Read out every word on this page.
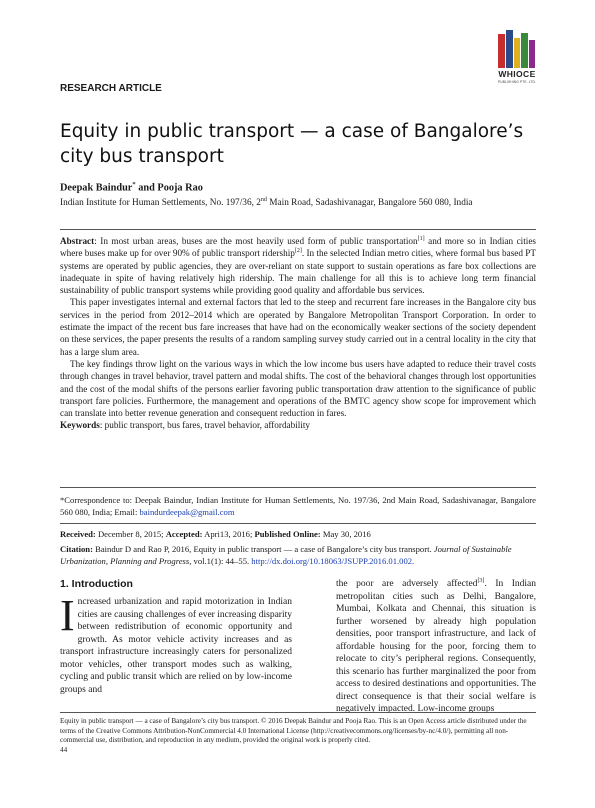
WHIOCE
PUBLISHING PTE. LTD.
RESEARCH ARTICLE
Equity in public transport — a case of Bangalore’s city bus transport
Deepak Baindur* and Pooja Rao
Indian Institute for Human Settlements, No. 197/36, 2nd Main Road, Sadashivanagar, Bangalore 560 080, India

Abstract: In most urban areas, buses are the most heavily used form of public transportation[1] and more so in Indian cities where buses make up for over 90% of public transport ridership[2]. In the selected Indian metro cities, where formal bus based PT systems are operated by public agencies, they are over-reliant on state support to sustain operations as fare box collections are inadequate in spite of having relatively high ridership. The main challenge for all this is to achieve long term financial sustainability of public transport systems while providing good quality and affordable bus services.

This paper investigates internal and external factors that led to the steep and recurrent fare increases in the Bangalore city bus services in the period from 2012–2014 which are operated by Bangalore Metropolitan Transport Corporation. In order to estimate the impact of the recent bus fare increases that have had on the economically weaker sections of the society dependent on these services, the paper presents the results of a random sampling survey study carried out in a central locality in the city that has a large slum area.

The key findings throw light on the various ways in which the low income bus users have adapted to reduce their travel costs through changes in travel behavior, travel pattern and modal shifts. The cost of the behavioral changes through lost opportunities and the cost of the modal shifts of the persons earlier favoring public transportation draw attention to the significance of public transport fare policies. Furthermore, the management and operations of the BMTC agency show scope for improvement which can translate into better revenue generation and consequent reduction in fares.

Keywords: public transport, bus fares, travel behavior, affordability

*Correspondence to: Deepak Baindur, Indian Institute for Human Settlements, No. 197/36, 2nd Main Road, Sadashivanagar, Bangalore 560 080, India; Email: baindurdeepak@gmail.com
Received: December 8, 2015; Accepted: Apri13, 2016; Published Online: May 30, 2016
Citation: Baindur D and Rao P, 2016, Equity in public transport — a case of Bangalore’s city bus transport. Journal of Sustainable Urbanization, Planning and Progress, vol.1(1): 44–55. http://dx.doi.org/10.18063/JSUPP.2016.01.002.
1. Introduction
Increased urbanization and rapid motorization in Indian cities are causing challenges of ever increasing disparity between redistribution of economic opportunity and growth. As motor vehicle activity increases and as transport infrastructure increasingly caters for personalized motor vehicles, other transport modes such as walking, cycling and public transit which are relied on by low-income groups and
the poor are adversely affected[3]. In Indian metropolitan cities such as Delhi, Bangalore, Mumbai, Kolkata and Chennai, this situation is further worsened by already high population densities, poor transport infrastructure, and lack of affordable housing for the poor, forcing them to relocate to city’s peripheral regions. Consequently, this scenario has further marginalized the poor from access to desired destinations and opportunities. The direct consequence is that their social welfare is negatively impacted. Low-income groups
Equity in public transport — a case of Bangalore’s city bus transport. © 2016 Deepak Baindur and Pooja Rao. This is an Open Access article distributed under the terms of the Creative Commons Attribution-NonCommercial 4.0 International License (http://creativecommons.org/licenses/by-nc/4.0/), permitting all non-commercial use, distribution, and reproduction in any medium, provided the original work is properly cited.
44
